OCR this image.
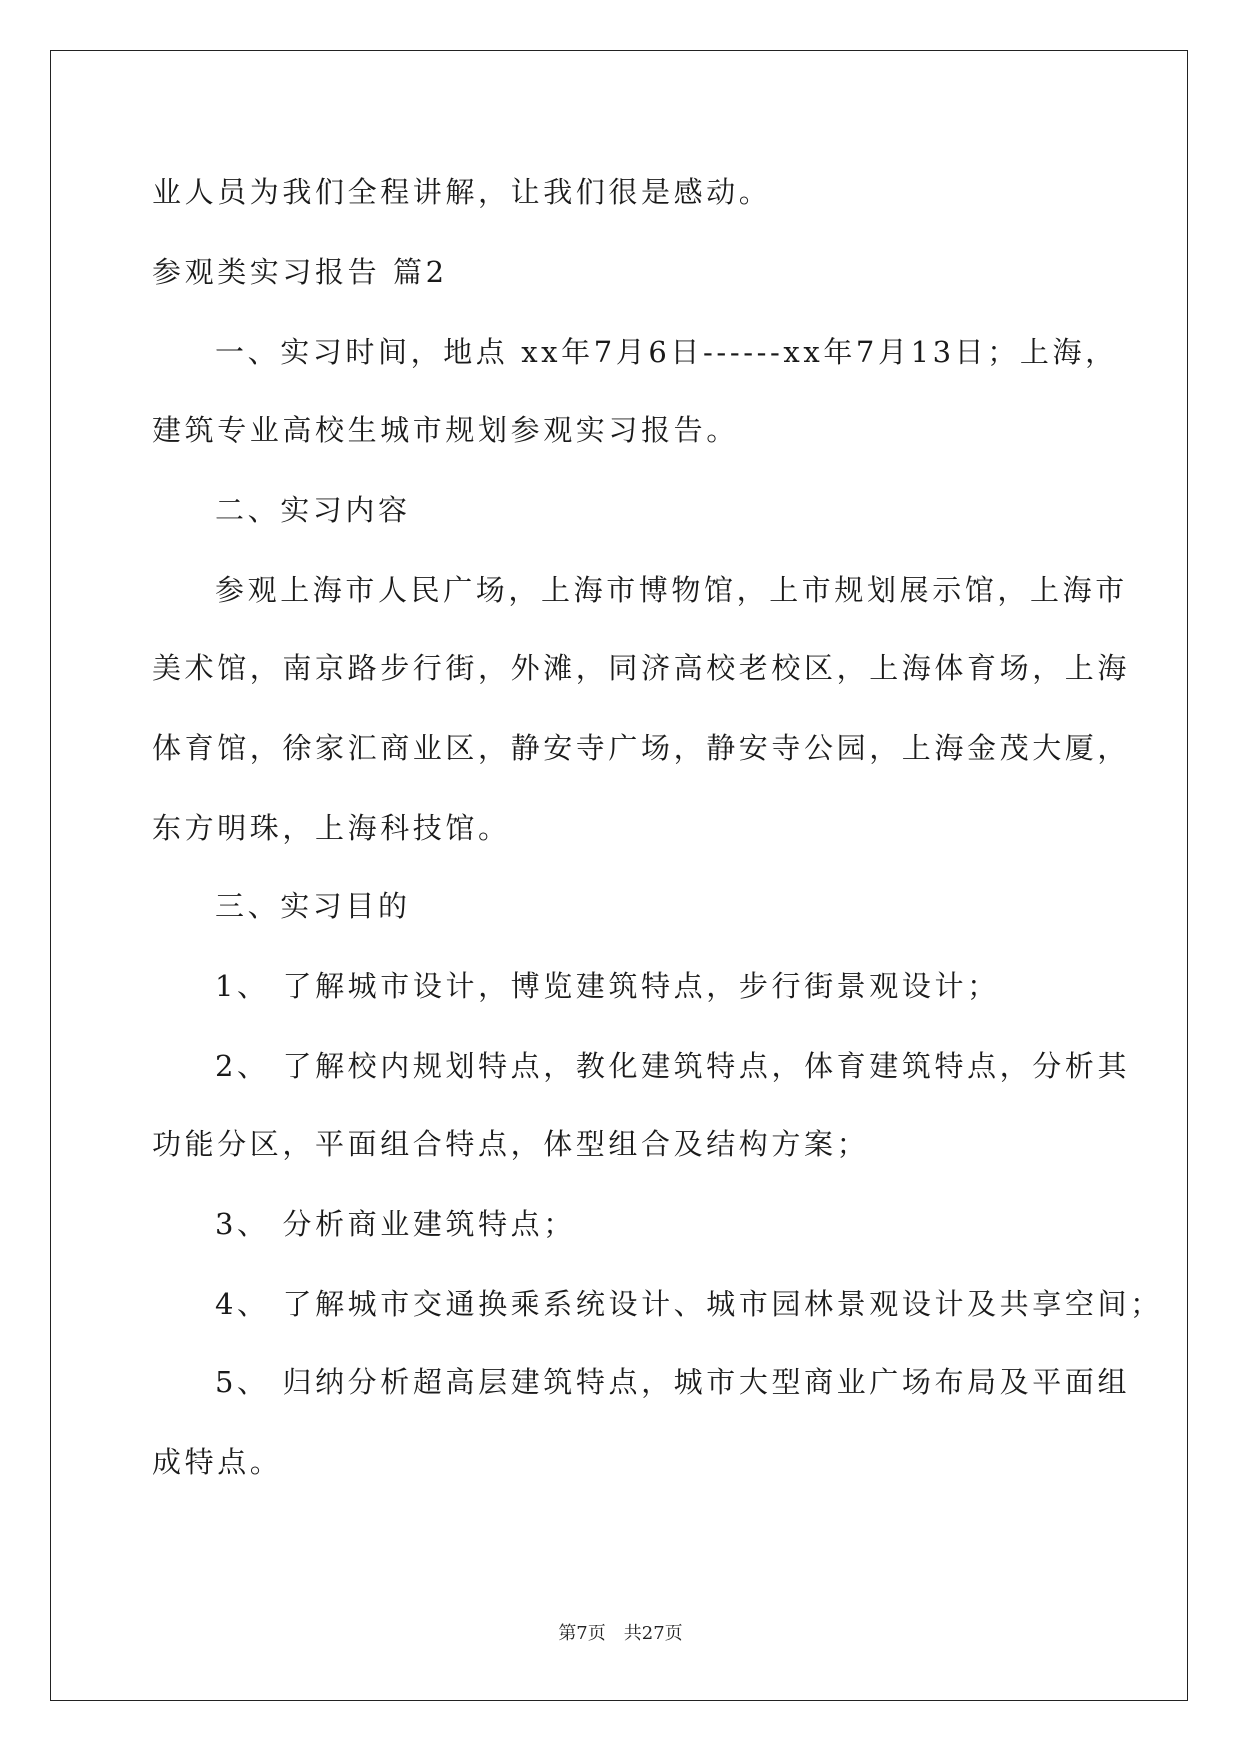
业人员为我们全程讲解，让我们很是感动。
参观类实习报告 篇2
一、实习时间，地点 xx年7月6日------xx年7月13日；上海，
建筑专业高校生城市规划参观实习报告。
二、实习内容
参观上海市人民广场，上海市博物馆，上市规划展示馆，上海市
美术馆，南京路步行街，外滩，同济高校老校区，上海体育场，上海
体育馆，徐家汇商业区，静安寺广场，静安寺公园，上海金茂大厦，
东方明珠，上海科技馆。
三、实习目的
1、 了解城市设计，博览建筑特点，步行街景观设计；
2、 了解校内规划特点，教化建筑特点，体育建筑特点，分析其
功能分区，平面组合特点，体型组合及结构方案；
3、 分析商业建筑特点；
4、 了解城市交通换乘系统设计、城市园林景观设计及共享空间；
5、 归纳分析超高层建筑特点，城市大型商业广场布局及平面组
成特点。
第7页 共27页
